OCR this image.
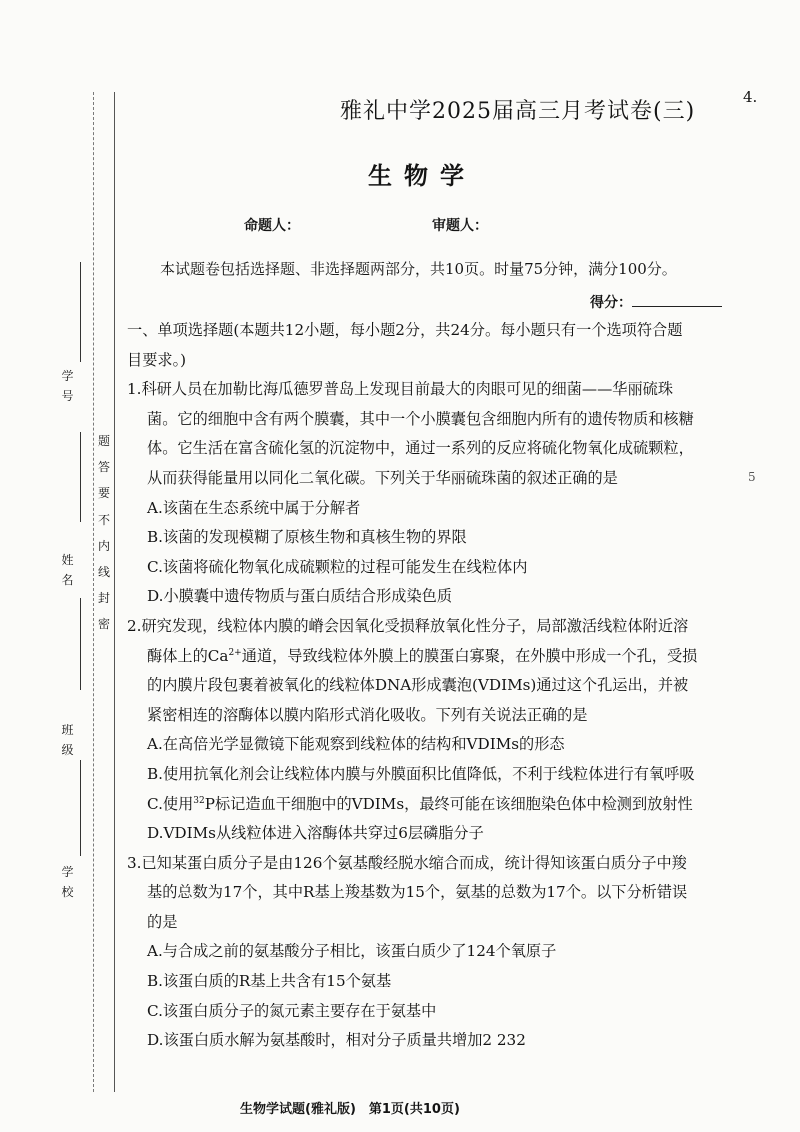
4.
学 号
姓 名
班 级
学 校
题
答
要
不
内
线
封
密
雅礼中学2025届高三月考试卷(三)
生物学
命题人：	审题人：
本试题卷包括选择题、非选择题两部分，共10页。时量75分钟，满分100分。
得分：
一、单项选择题(本题共12小题，每小题2分，共24分。每小题只有一个选项符合题
目要求。)
1.科研人员在加勒比海瓜德罗普岛上发现目前最大的肉眼可见的细菌——华丽硫珠
菌。它的细胞中含有两个膜囊，其中一个小膜囊包含细胞内所有的遗传物质和核糖
体。它生活在富含硫化氢的沉淀物中，通过一系列的反应将硫化物氧化成硫颗粒，
从而获得能量用以同化二氧化碳。下列关于华丽硫珠菌的叙述正确的是
A.该菌在生态系统中属于分解者
B.该菌的发现模糊了原核生物和真核生物的界限
C.该菌将硫化物氧化成硫颗粒的过程可能发生在线粒体内
D.小膜囊中遗传物质与蛋白质结合形成染色质
2.研究发现，线粒体内膜的嵴会因氧化受损释放氧化性分子，局部激活线粒体附近溶
酶体上的$Ca^{2+}$通道，导致线粒体外膜上的膜蛋白寡聚，在外膜中形成一个孔，受损
的内膜片段包裹着被氧化的线粒体DNA形成囊泡(VDIMs)通过这个孔运出，并被
紧密相连的溶酶体以膜内陷形式消化吸收。下列有关说法正确的是
A.在高倍光学显微镜下能观察到线粒体的结构和VDIMs的形态
B.使用抗氧化剂会让线粒体内膜与外膜面积比值降低，不利于线粒体进行有氧呼吸
C.使用$^{32}$P标记造血干细胞中的VDIMs，最终可能在该细胞染色体中检测到放射性
D.VDIMs从线粒体进入溶酶体共穿过6层磷脂分子
3.已知某蛋白质分子是由126个氨基酸经脱水缩合而成，统计得知该蛋白质分子中羧
基的总数为17个，其中R基上羧基数为15个，氨基的总数为17个。以下分析错误
的是
A.与合成之前的氨基酸分子相比，该蛋白质少了124个氧原子
B.该蛋白质的R基上共含有15个氨基
C.该蛋白质分子的氮元素主要存在于氨基中
D.该蛋白质水解为氨基酸时，相对分子质量共增加2 232
5
生物学试题(雅礼版)　第1页(共10页)
